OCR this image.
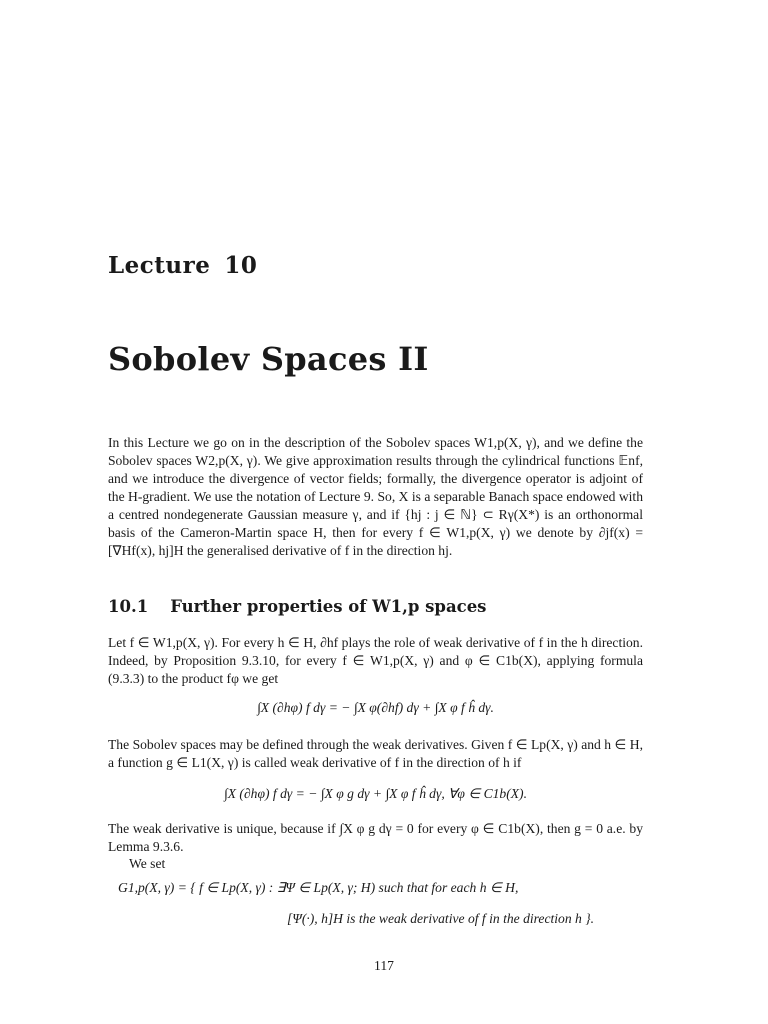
Lecture 10
Sobolev Spaces II
In this Lecture we go on in the description of the Sobolev spaces W1,p(X, γ), and we define the Sobolev spaces W2,p(X, γ). We give approximation results through the cylindrical functions 𝔼nf, and we introduce the divergence of vector fields; formally, the divergence operator is adjoint of the H-gradient. We use the notation of Lecture 9. So, X is a separable Banach space endowed with a centred nondegenerate Gaussian measure γ, and if {hj : j ∈ ℕ} ⊂ Rγ(X*) is an orthonormal basis of the Cameron-Martin space H, then for every f ∈ W1,p(X, γ) we denote by ∂jf(x) = [∇Hf(x), hj]H the generalised derivative of f in the direction hj.
10.1 Further properties of W1,p spaces
Let f ∈ W1,p(X, γ). For every h ∈ H, ∂hf plays the role of weak derivative of f in the h direction. Indeed, by Proposition 9.3.10, for every f ∈ W1,p(X, γ) and φ ∈ C1b(X), applying formula (9.3.3) to the product fφ we get
∫X (∂hφ) f dγ = − ∫X φ(∂hf) dγ + ∫X φ f ĥ dγ.
The Sobolev spaces may be defined through the weak derivatives. Given f ∈ Lp(X, γ) and h ∈ H, a function g ∈ L1(X, γ) is called weak derivative of f in the direction of h if
∫X (∂hφ) f dγ = − ∫X φ g dγ + ∫X φ f ĥ dγ, ∀φ ∈ C1b(X).
The weak derivative is unique, because if ∫X φ g dγ = 0 for every φ ∈ C1b(X), then g = 0 a.e. by Lemma 9.3.6.
We set
G1,p(X, γ) = { f ∈ Lp(X, γ) : ∃Ψ ∈ Lp(X, γ; H) such that for each h ∈ H,
[Ψ(·), h]H is the weak derivative of f in the direction h }.
117
